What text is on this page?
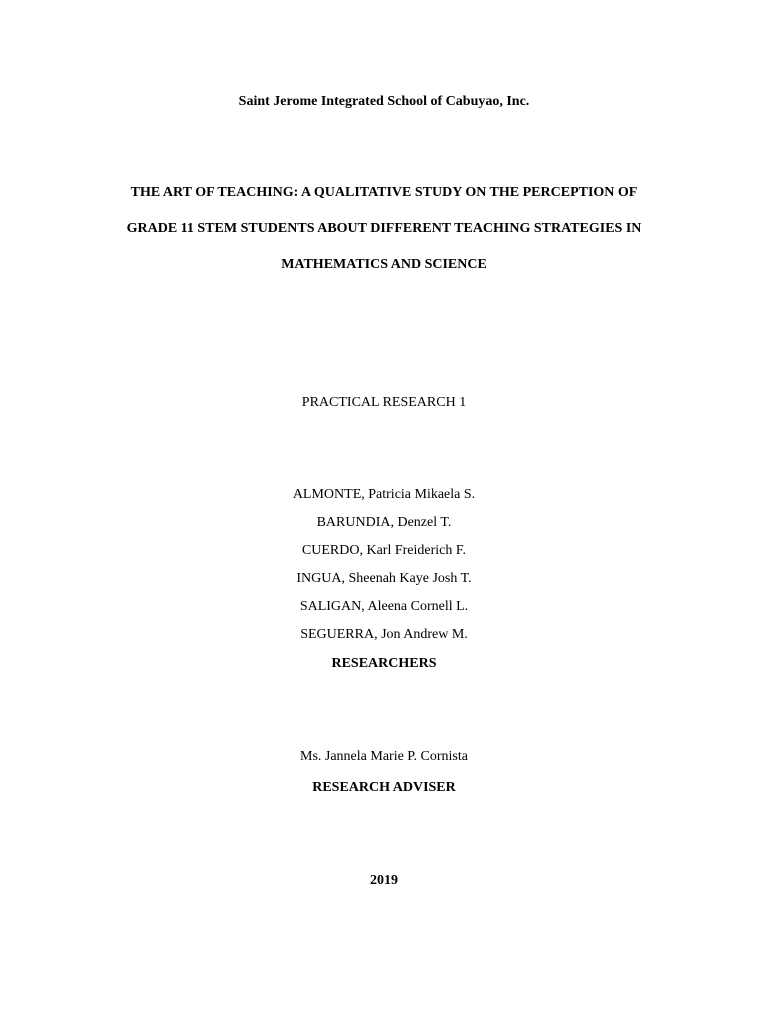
Saint Jerome Integrated School of Cabuyao, Inc.
THE ART OF TEACHING: A QUALITATIVE STUDY ON THE PERCEPTION OF
GRADE 11 STEM STUDENTS ABOUT DIFFERENT TEACHING STRATEGIES IN
MATHEMATICS AND SCIENCE
PRACTICAL RESEARCH 1
ALMONTE, Patricia Mikaela S.
BARUNDIA, Denzel T.
CUERDO, Karl Freiderich F.
INGUA, Sheenah Kaye Josh T.
SALIGAN, Aleena Cornell L.
SEGUERRA, Jon Andrew M.
RESEARCHERS
Ms. Jannela Marie P. Cornista
RESEARCH ADVISER
2019
